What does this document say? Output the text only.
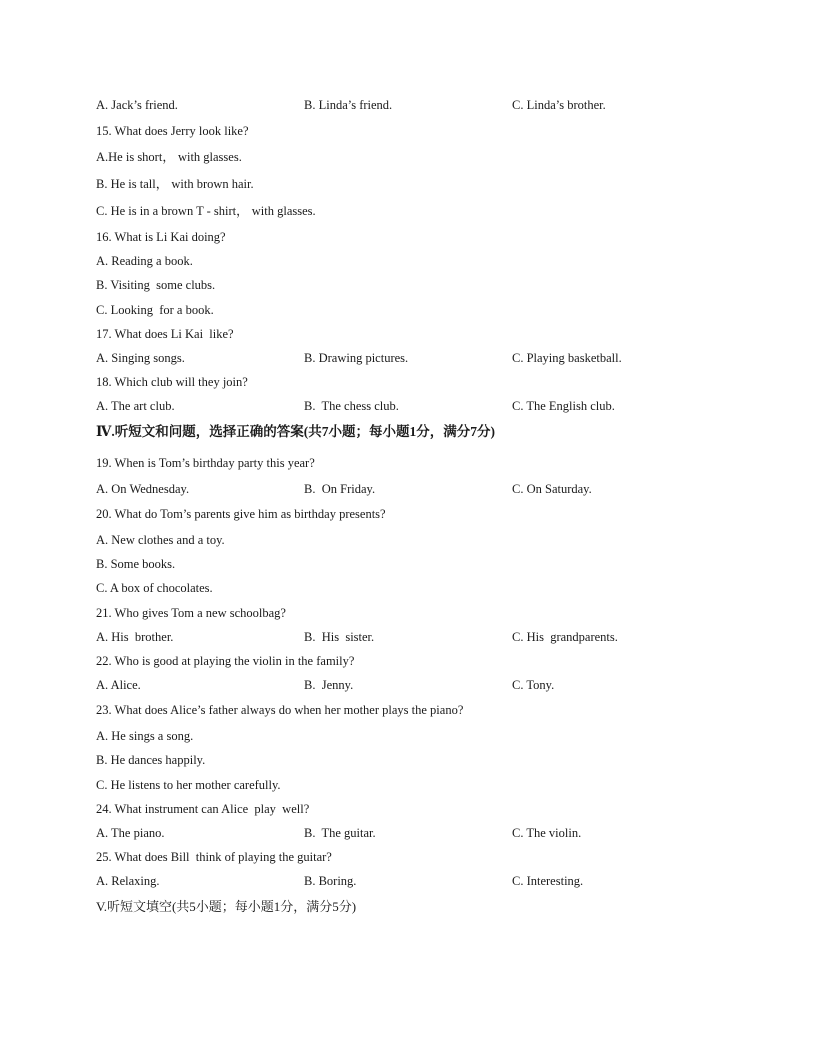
A. Jack’s friend.	B. Linda’s friend.	C. Linda’s brother.
15. What does Jerry look like?
A.He is short， with glasses.
B. He is tall， with brown hair.
C. He is in a brown T - shirt， with glasses.
16. What is Li Kai doing?
A. Reading a book.
B. Visiting  some clubs.
C. Looking  for a book.
17. What does Li Kai  like?
A. Singing songs.	B. Drawing pictures.	C. Playing basketball.
18. Which club will they join?
A. The art club.	B.  The chess club.	C. The English club.
Ⅳ.听短文和问题，选择正确的答案(共7小题；每小题1分，满分7分)
19. When is Tom’s birthday party this year?
A. On Wednesday.	B.  On Friday.	C. On Saturday.
20. What do Tom’s parents give him as birthday presents?
A. New clothes and a toy.
B. Some books.
C. A box of chocolates.
21. Who gives Tom a new schoolbag?
A. His  brother.	B.  His  sister.	C. His  grandparents.
22. Who is good at playing the violin in the family?
A. Alice.	B.  Jenny.	C. Tony.
23. What does Alice’s father always do when her mother plays the piano?
A. He sings a song.
B. He dances happily.
C. He listens to her mother carefully.
24. What instrument can Alice  play  well?
A. The piano.	B.  The guitar.	C. The violin.
25. What does Bill  think of playing the guitar?
A. Relaxing.	B. Boring.	C. Interesting.
V.听短文填空(共5小题；每小题1分，满分5分)
